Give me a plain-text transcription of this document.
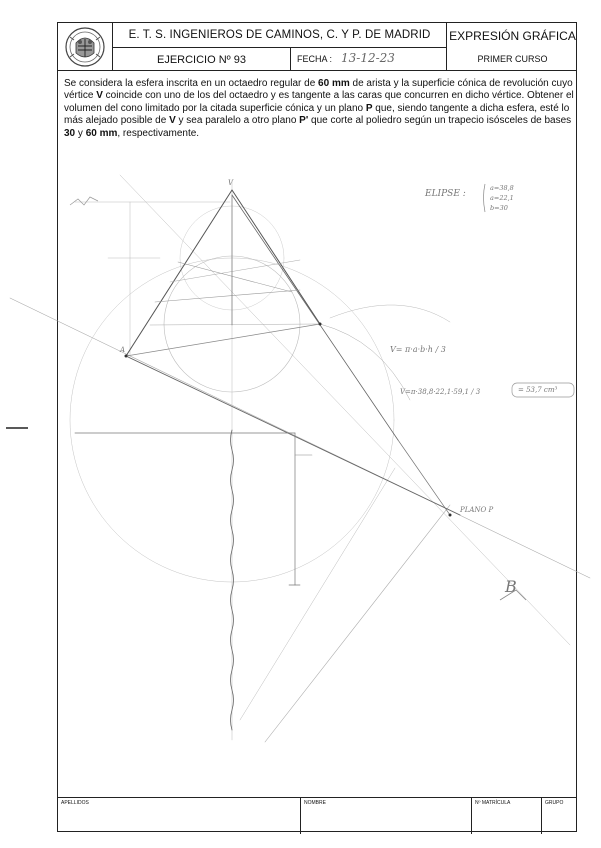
E. T. S. INGENIEROS DE CAMINOS, C. Y P. DE MADRID	EXPRESIÓN GRÁFICA
EJERCICIO Nº 93	FECHA : 13-12-23	PRIMER CURSO
Se considera la esfera inscrita en un octaedro regular de 60 mm de arista y la superficie cónica de revolución cuyo vértice V coincide con uno de los del octaedro y es tangente a las caras que concurren en dicho vértice. Obtener el volumen del cono limitado por la citada superficie cónica y un plano P que, siendo tangente a dicha esfera, esté lo más alejado posible de V y sea paralelo a otro plano P' que corte al poliedro según un trapecio isósceles de bases 30 y 60 mm, respectivamente.
APELLIDOS	NOMBRE	Nº MATRÍCULA	GRUPO
ELIPSE :
a=38,8
a=22,1
b=30
V= π·a·b·h / 3
V=π·38,8·22,1·59,1 / 3	= 53,7 cm³
PLANO P
V
A
B
